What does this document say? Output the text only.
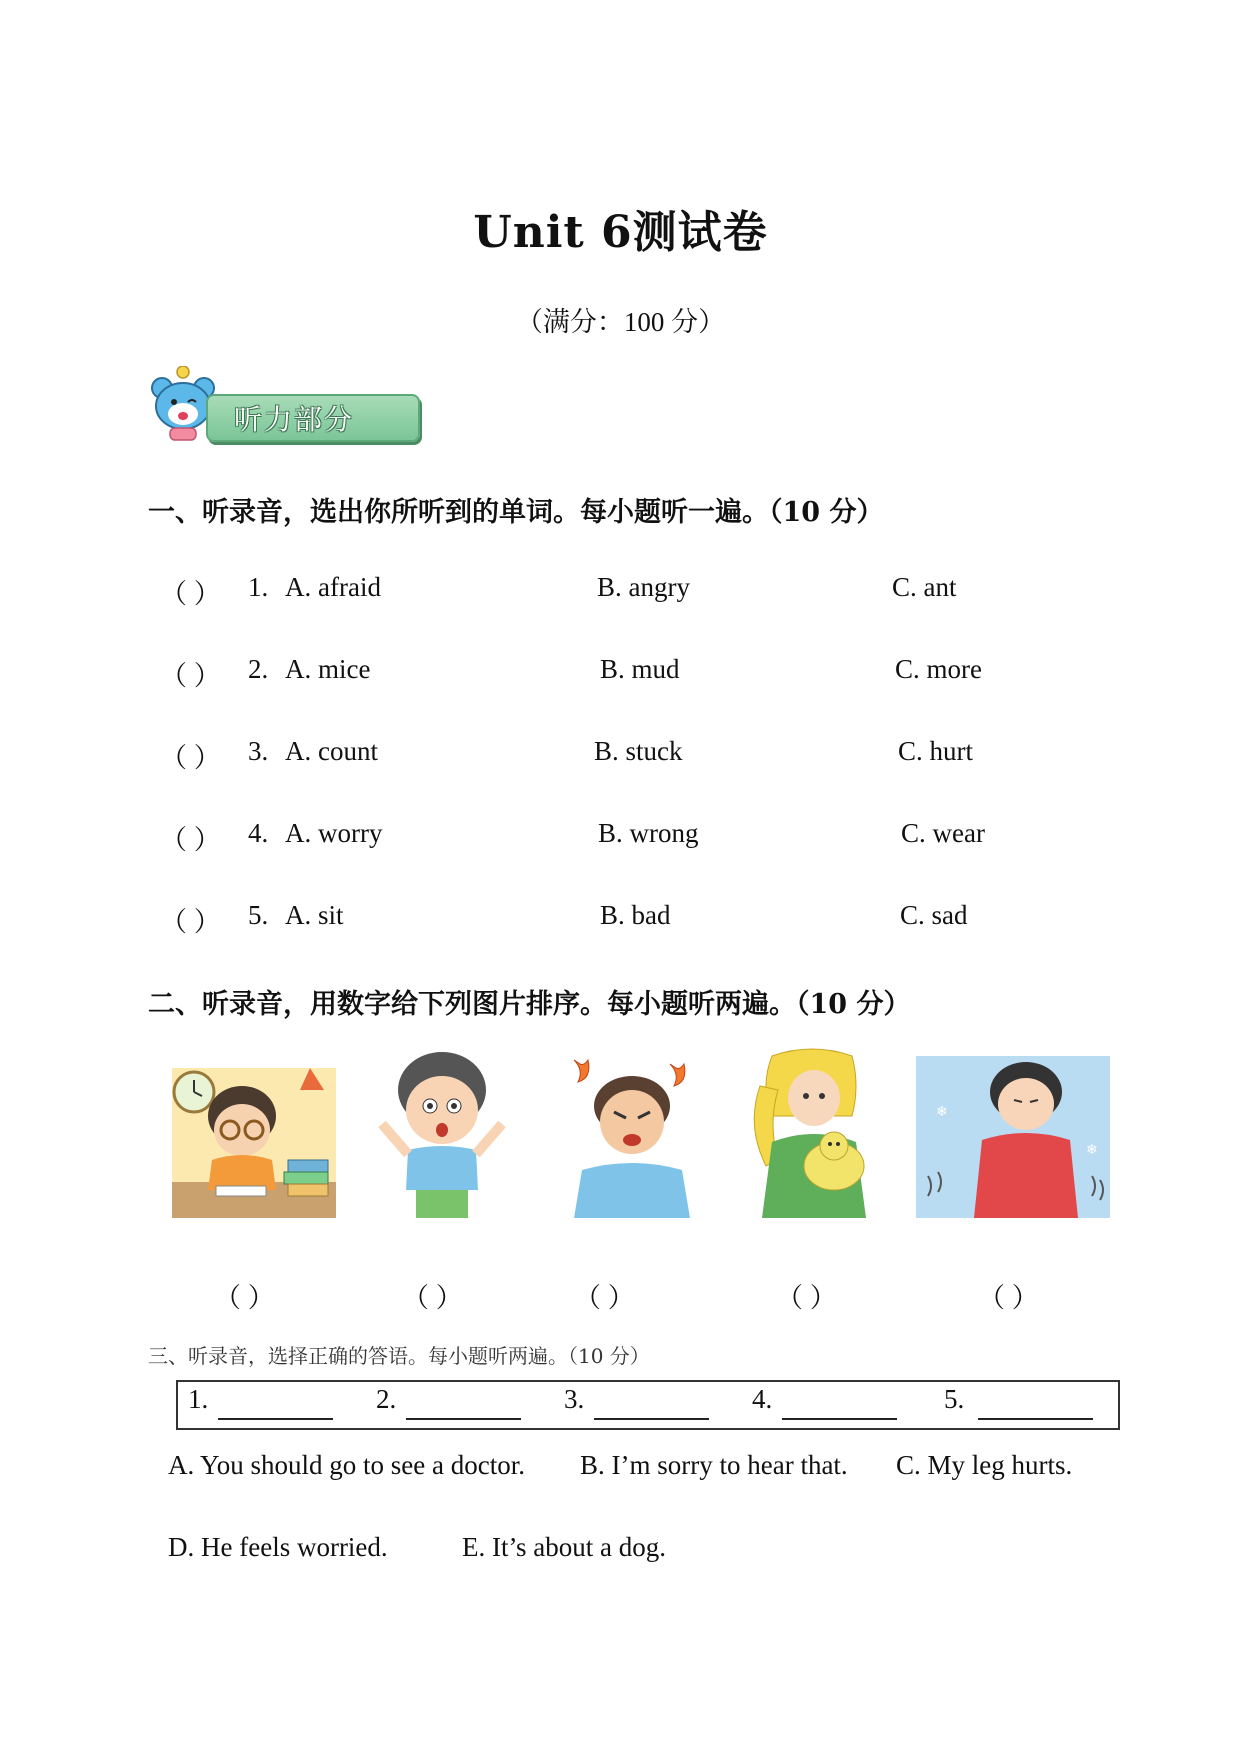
Unit 6测试卷
（满分：100 分）
听力部分
一、听录音，选出你所听到的单词。每小题听一遍。（10 分）
（ ） 1. A. afraid	B. angry	C. ant
（ ） 2. A. mice	B. mud	C. more
（ ） 3. A. count	B. stuck	C. hurt
（ ） 4. A. worry	B. wrong	C. wear
（ ） 5. A. sit	B. bad	C. sad
二、听录音，用数字给下列图片排序。每小题听两遍。（10 分）
❄
❄
（ ）	（ ）	（ ）	（ ）	（ ）
三、听录音，选择正确的答语。每小题听两遍。（10 分）
1.	2.	3.	4.	5.
A. You should go to see a doctor. B. I’m sorry to hear that. C. My leg hurts.
D. He feels worried.	E. It’s about a dog.
